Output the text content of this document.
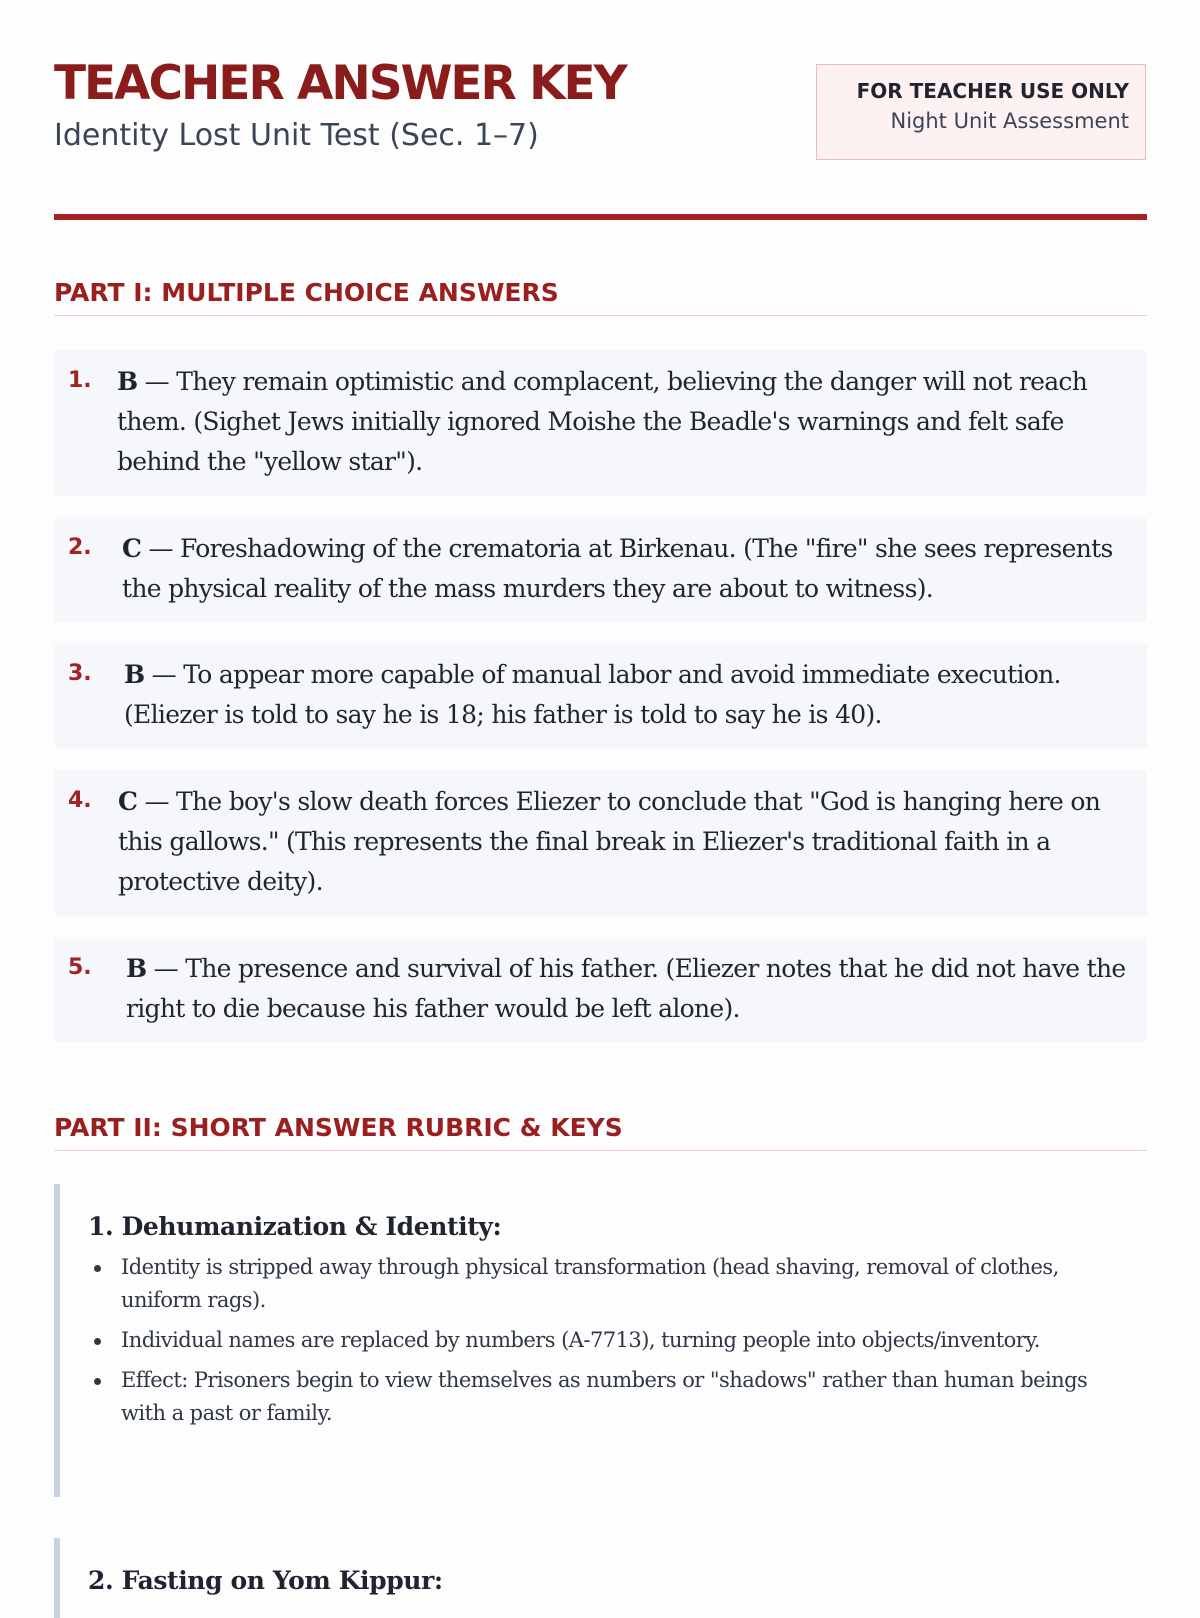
TEACHER ANSWER KEY
Identity Lost Unit Test (Sec. 1–7)
FOR TEACHER USE ONLY
Night Unit Assessment
PART I: MULTIPLE CHOICE ANSWERS
1. B — They remain optimistic and complacent, believing the danger will not reach them. (Sighet Jews initially ignored Moishe the Beadle's warnings and felt safe behind the "yellow star").
2. C — Foreshadowing of the crematoria at Birkenau. (The "fire" she sees represents the physical reality of the mass murders they are about to witness).
3. B — To appear more capable of manual labor and avoid immediate execution. (Eliezer is told to say he is 18; his father is told to say he is 40).
4. C — The boy's slow death forces Eliezer to conclude that "God is hanging here on this gallows." (This represents the final break in Eliezer's traditional faith in a protective deity).
5. B — The presence and survival of his father. (Eliezer notes that he did not have the right to die because his father would be left alone).
PART II: SHORT ANSWER RUBRIC & KEYS
1. Dehumanization & Identity:
Identity is stripped away through physical transformation (head shaving, removal of clothes, uniform rags).
Individual names are replaced by numbers (A-7713), turning people into objects/inventory.
Effect: Prisoners begin to view themselves as numbers or "shadows" rather than human beings with a past or family.
2. Fasting on Yom Kippur:
